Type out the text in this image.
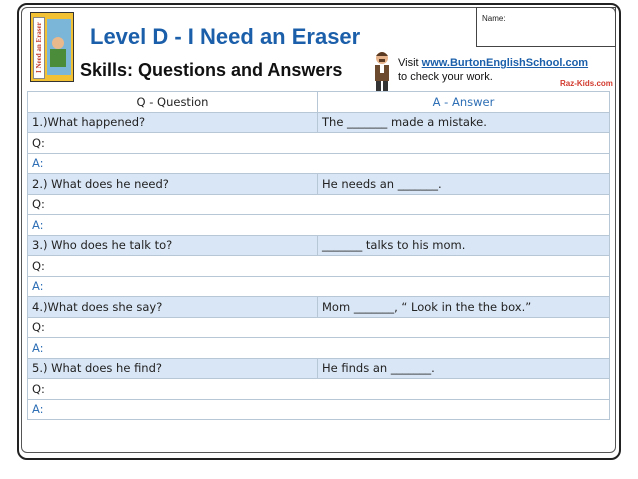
I Need an Eraser Level D - I Need an Eraser
Skills: Questions and Answers
Name:
Visit www.BurtonEnglishSchool.com
to check your work.
Raz-Kids.com
Q - Question	A - Answer
1.)What happened?	The _______ made a mistake.
Q:	
A:	
2.) What does he need?	He needs an _______.
Q:	
A:	
3.) Who does he talk to?	_______ talks to his mom.
Q:	
A:	
4.)What does she say?	Mom _______, “ Look in the the box.”
Q:	
A:	
5.) What does he find?	He finds an _______.
Q:	
A:	
